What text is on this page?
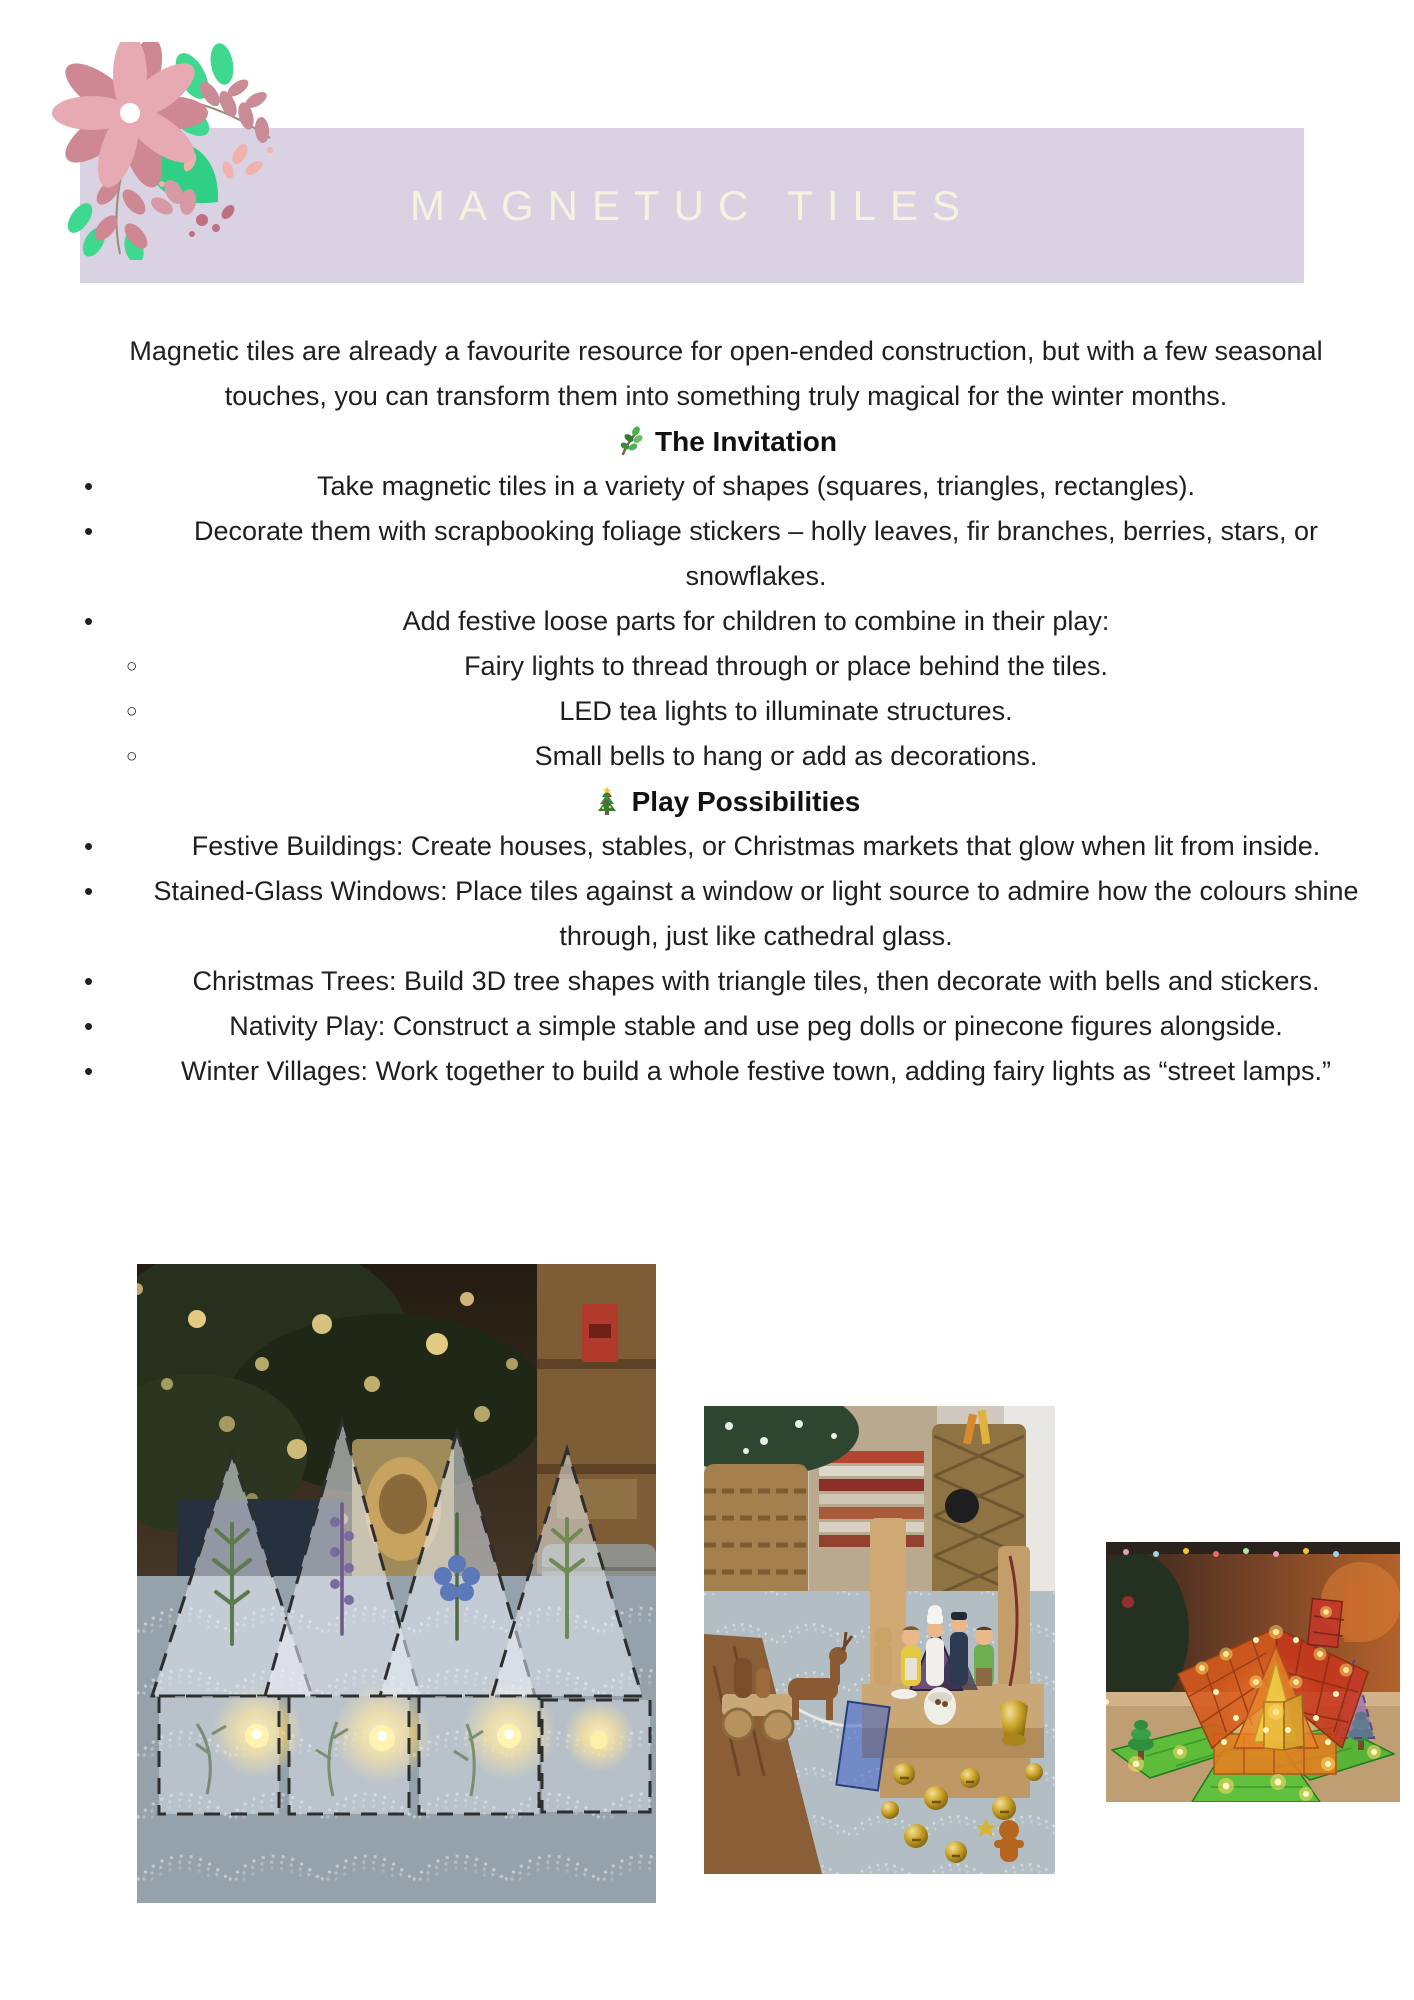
MAGNETUC TILES

Magnetic tiles are already a favourite resource for open-ended construction, but with a few seasonal touches, you can transform them into something truly magical for the winter months.

The Invitation
•	Take magnetic tiles in a variety of shapes (squares, triangles, rectangles).
•	Decorate them with scrapbooking foliage stickers – holly leaves, fir branches, berries, stars, or snowflakes.
•	Add festive loose parts for children to combine in their play:
○	Fairy lights to thread through or place behind the tiles.
○	LED tea lights to illuminate structures.
○	Small bells to hang or add as decorations.
Play Possibilities
•	Festive Buildings: Create houses, stables, or Christmas markets that glow when lit from inside.
• Stained-Glass Windows: Place tiles against a window or light source to admire how the colours shine through, just like cathedral glass.
•	Christmas Trees: Build 3D tree shapes with triangle tiles, then decorate with bells and stickers.
•	Nativity Play: Construct a simple stable and use peg dolls or pinecone figures alongside.
•	Winter Villages: Work together to build a whole festive town, adding fairy lights as “street lamps.”
